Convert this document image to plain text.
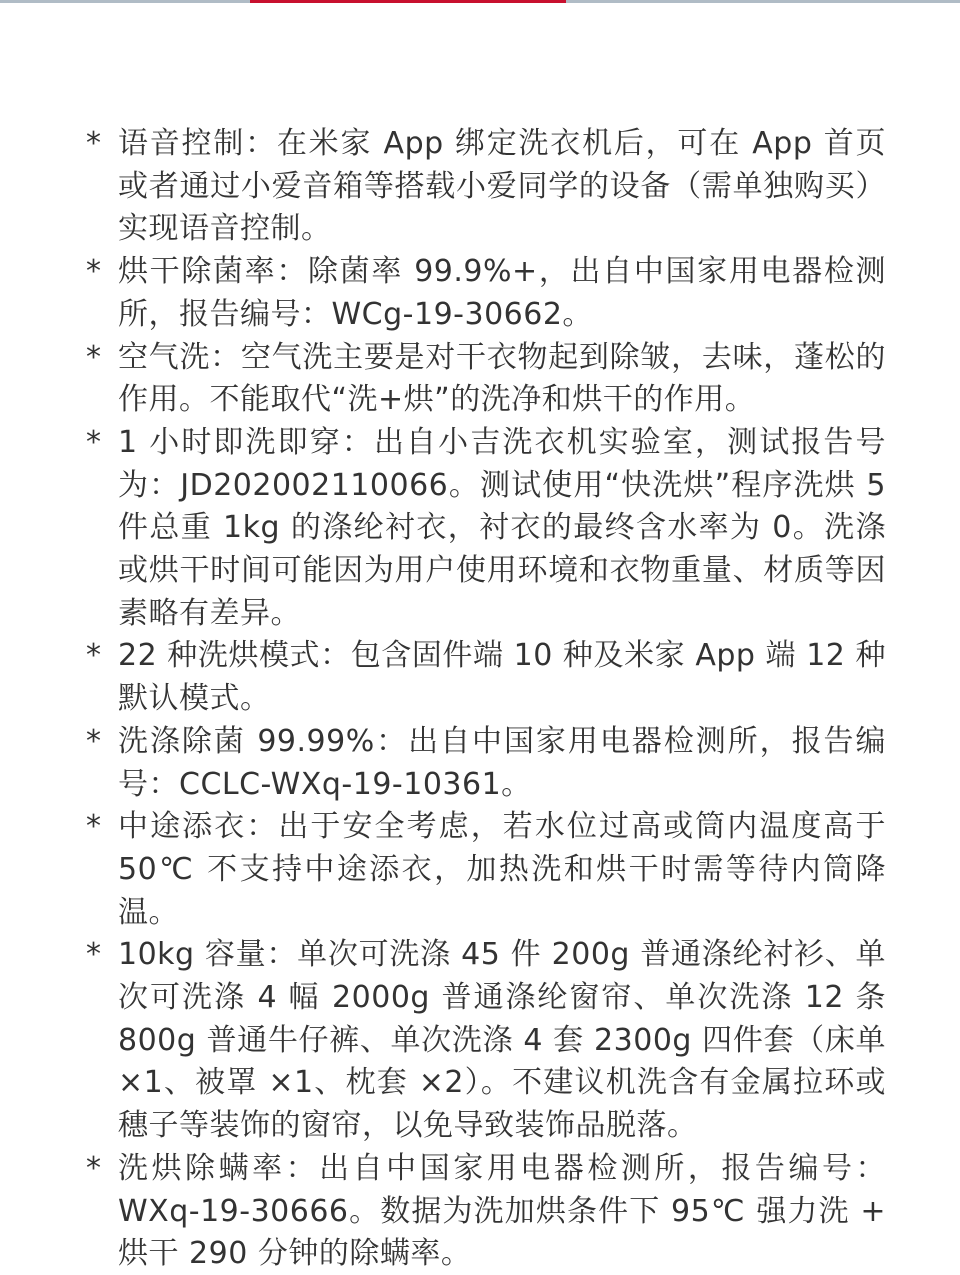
* 语音控制：在米家 App 绑定洗衣机后，可在 App 首页或者通过小爱音箱等搭载小爱同学的设备（需单独购买）实现语音控制。
* 烘干除菌率：除菌率 99.9%+，出自中国家用电器检测所，报告编号：WCg-19-30662。
* 空气洗：空气洗主要是对干衣物起到除皱，去味，蓬松的作用。不能取代“洗+烘”的洗净和烘干的作用。
* 1 小时即洗即穿：出自小吉洗衣机实验室，测试报告号为：JD202002110066。测试使用“快洗烘”程序洗烘 5 件总重 1kg 的涤纶衬衣，衬衣的最终含水率为 0。洗涤或烘干时间可能因为用户使用环境和衣物重量、材质等因素略有差异。
* 22 种洗烘模式：包含固件端 10 种及米家 App 端 12 种默认模式。
* 洗涤除菌 99.99%：出自中国家用电器检测所，报告编号：CCLC-WXq-19-10361。
* 中途添衣：出于安全考虑，若水位过高或筒内温度高于 50℃ 不支持中途添衣，加热洗和烘干时需等待内筒降温。
* 10kg 容量：单次可洗涤 45 件 200g 普通涤纶衬衫、单次可洗涤 4 幅 2000g 普通涤纶窗帘、单次洗涤 12 条 800g 普通牛仔裤、单次洗涤 4 套 2300g 四件套（床单 ×1、被罩 ×1、枕套 ×2）。不建议机洗含有金属拉环或穗子等装饰的窗帘，以免导致装饰品脱落。
* 洗烘除螨率：出自中国家用电器检测所，报告编号：WXq-19-30666。数据为洗加烘条件下 95℃ 强力洗 + 烘干 290 分钟的除螨率。
